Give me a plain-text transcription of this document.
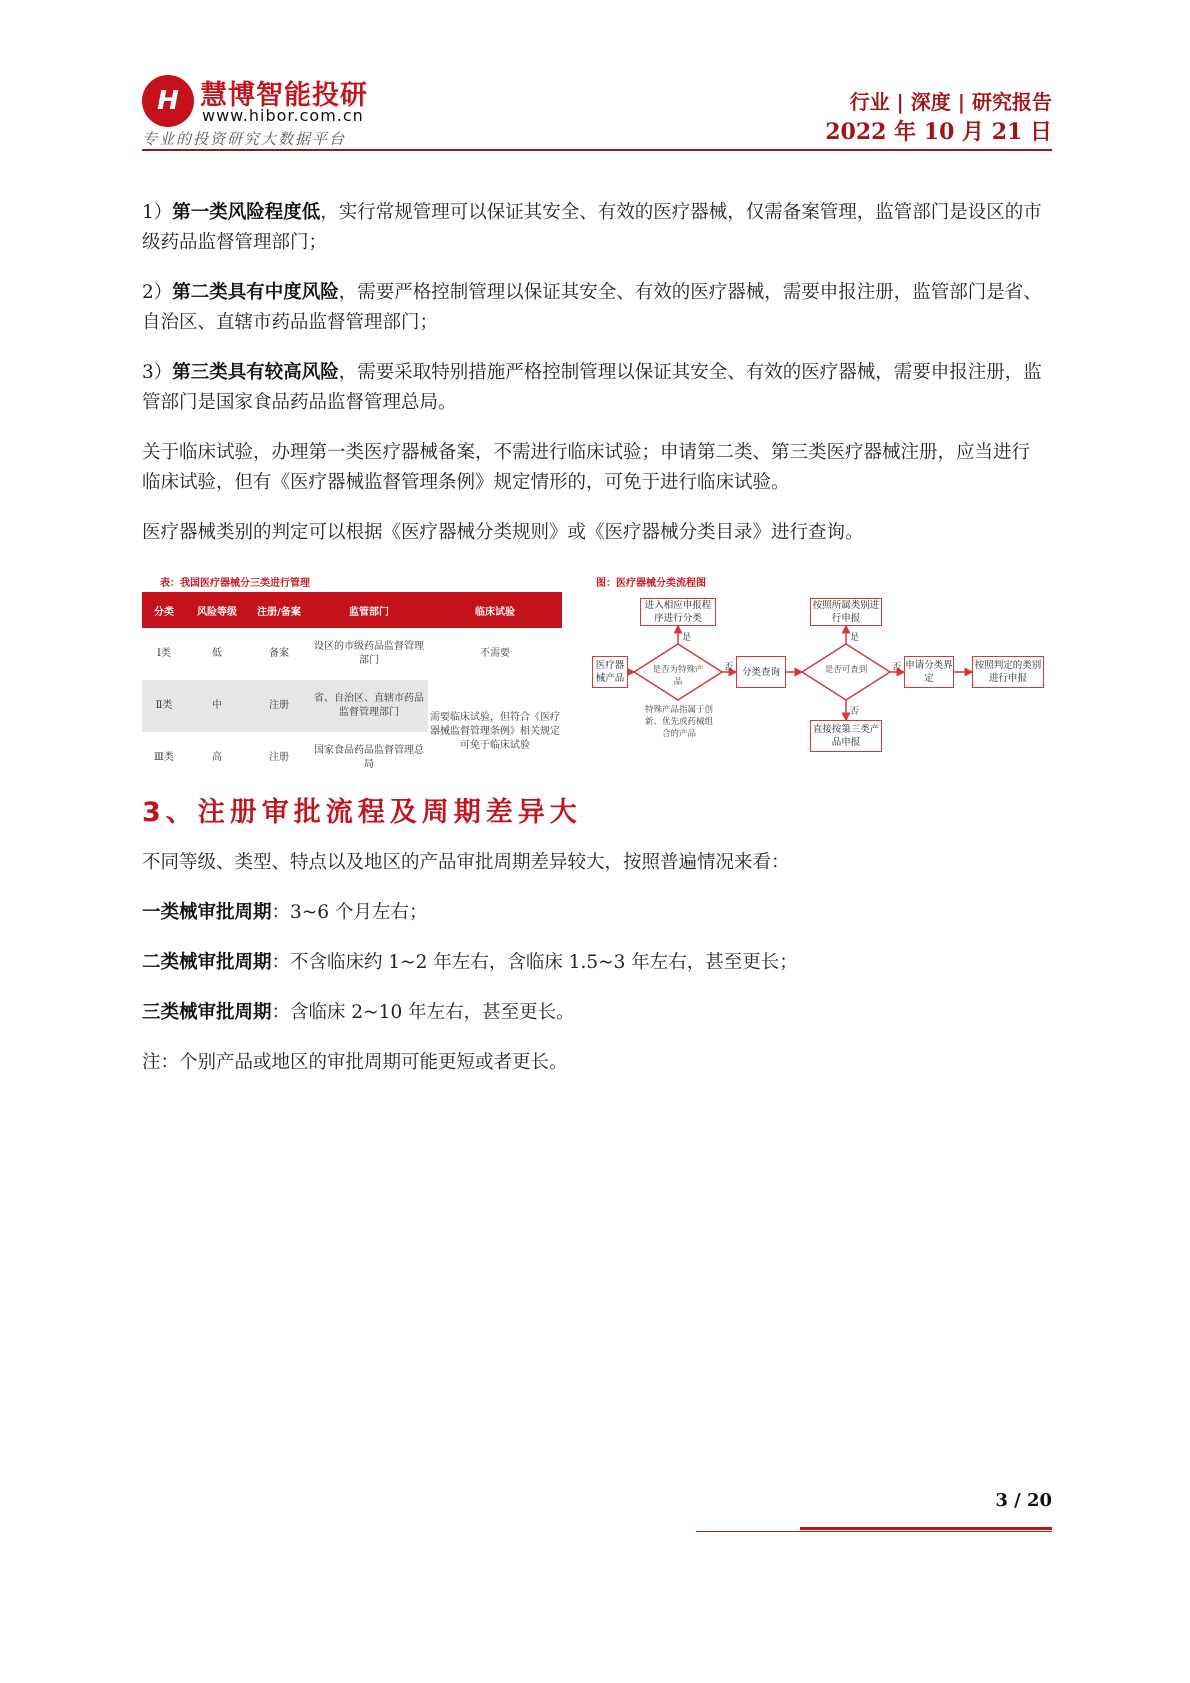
H 慧博智能投研
www.hibor.com.cn
专业的投资研究大数据平台
行业 | 深度 | 研究报告
2022 年 10 月 21 日
1）第一类风险程度低，实行常规管理可以保证其安全、有效的医疗器械，仅需备案管理，监管部门是设区的市级药品监督管理部门；
2）第二类具有中度风险，需要严格控制管理以保证其安全、有效的医疗器械，需要申报注册，监管部门是省、自治区、直辖市药品监督管理部门；
3）第三类具有较高风险，需要采取特别措施严格控制管理以保证其安全、有效的医疗器械，需要申报注册，监管部门是国家食品药品监督管理总局。
关于临床试验，办理第一类医疗器械备案，不需进行临床试验；申请第二类、第三类医疗器械注册，应当进行临床试验，但有《医疗器械监督管理条例》规定情形的，可免于进行临床试验。
医疗器械类别的判定可以根据《医疗器械分类规则》或《医疗器械分类目录》进行查询。
表：我国医疗器械分三类进行管理
分类	风险等级	注册/备案	监管部门	临床试验
Ⅰ类	低	备案	设区的市级药品监督管理部门	不需要
Ⅱ类	中	注册	省、自治区、直辖市药品监督管理部门	需要临床试验，但符合《医疗器械监督管理条例》相关规定可免于临床试验
Ⅲ类	高	注册	国家食品药品监督管理总局	
图：医疗器械分类流程图
医疗器械产品
是否为特殊产品
分类查询	是否可查到	申请分类界定
按照判定的类别进行申报
进入相应申报程序进行分类
按照所属类别进行申报
直接按第三类产品申报
是	是
否	否
否
特殊产品指属于创新、优先或药械组合的产品
3、注册审批流程及周期差异大
不同等级、类型、特点以及地区的产品审批周期差异较大，按照普遍情况来看：
一类械审批周期：3~6 个月左右；
二类械审批周期：不含临床约 1~2 年左右，含临床 1.5~3 年左右，甚至更长；
三类械审批周期：含临床 2~10 年左右，甚至更长。
注：个别产品或地区的审批周期可能更短或者更长。
3 / 20
